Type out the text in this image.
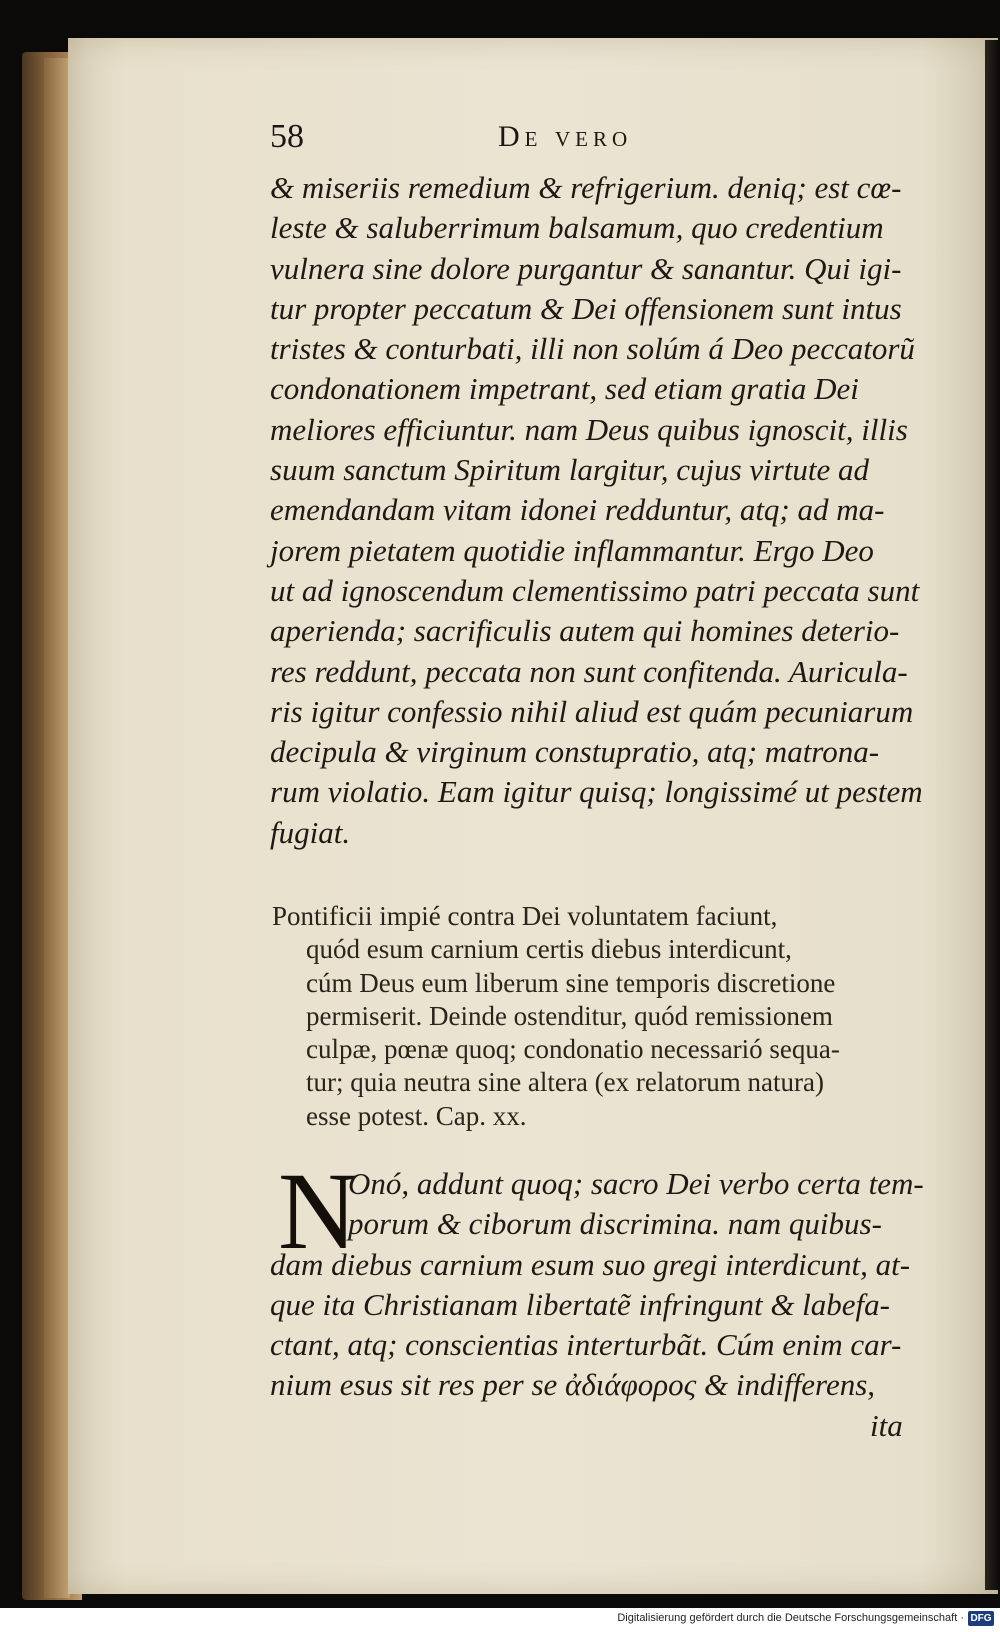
58	De vero
& miseriis remedium & refrigerium. deniq; est cœ-
leste & saluberrimum balsamum, quo credentium
vulnera sine dolore purgantur & sanantur. Qui igi-
tur propter peccatum & Dei offensionem sunt intus
tristes & conturbati, illi non solúm á Deo peccatorũ
condonationem impetrant, sed etiam gratia Dei
meliores efficiuntur. nam Deus quibus ignoscit, illis
suum sanctum Spiritum largitur, cujus virtute ad
emendandam vitam idonei redduntur, atq; ad ma-
jorem pietatem quotidie inflammantur. Ergo Deo
ut ad ignoscendum clementissimo patri peccata sunt
aperienda; sacrificulis autem qui homines deterio-
res reddunt, peccata non sunt confitenda. Auricula-
ris igitur confessio nihil aliud est quám pecuniarum
decipula & virginum constupratio, atq; matrona-
rum violatio. Eam igitur quisq; longissimé ut pestem
fugiat.
Pontificii impié contra Dei voluntatem faciunt,
quód esum carnium certis diebus interdicunt,
cúm Deus eum liberum sine temporis discretione
permiserit. Deinde ostenditur, quód remissionem
culpæ, pœnæ quoq; condonatio necessarió sequa-
tur; quia neutra sine altera (ex relatorum natura)
esse potest. Cap. xx.
N
Onó, addunt quoq; sacro Dei verbo certa tem-
porum & ciborum discrimina. nam quibus-
dam diebus carnium esum suo gregi interdicunt, at-
que ita Christianam libertatẽ infringunt & labefa-
ctant, atq; conscientias interturbãt. Cúm enim car-
nium esus sit res per se ἀδιάφορος & indifferens,
ita
Digitalisierung gefördert durch die Deutsche Forschungsgemeinschaft · DFG
